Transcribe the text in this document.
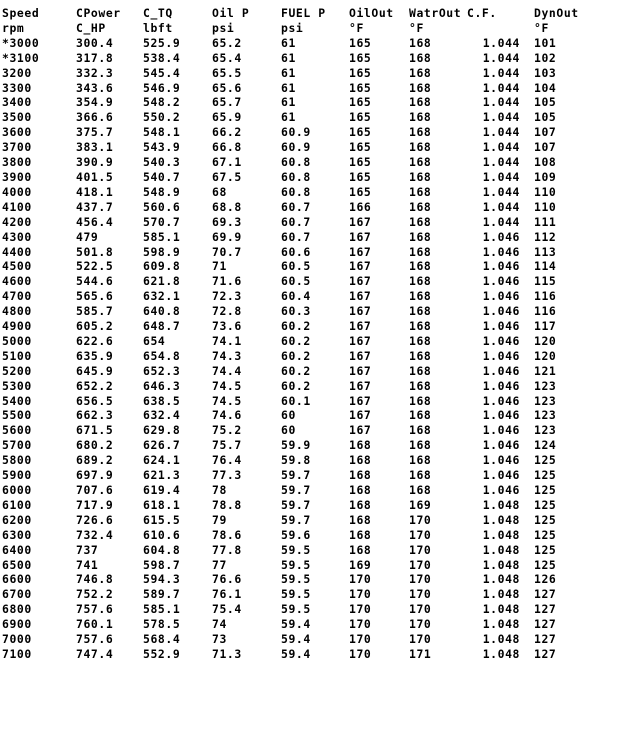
Speed	CPower	C_TQ	Oil P	FUEL P	OilOut	WatrOut	C.F.	DynOut
rpm	C_HP	lbft	psi	psi	°F	°F		°F
*3000	300.4	525.9	65.2	61	165	168	1.044	101
*3100	317.8	538.4	65.4	61	165	168	1.044	102
3200	332.3	545.4	65.5	61	165	168	1.044	103
3300	343.6	546.9	65.6	61	165	168	1.044	104
3400	354.9	548.2	65.7	61	165	168	1.044	105
3500	366.6	550.2	65.9	61	165	168	1.044	105
3600	375.7	548.1	66.2	60.9	165	168	1.044	107
3700	383.1	543.9	66.8	60.9	165	168	1.044	107
3800	390.9	540.3	67.1	60.8	165	168	1.044	108
3900	401.5	540.7	67.5	60.8	165	168	1.044	109
4000	418.1	548.9	68	60.8	165	168	1.044	110
4100	437.7	560.6	68.8	60.7	166	168	1.044	110
4200	456.4	570.7	69.3	60.7	167	168	1.044	111
4300	479	585.1	69.9	60.7	167	168	1.046	112
4400	501.8	598.9	70.7	60.6	167	168	1.046	113
4500	522.5	609.8	71	60.5	167	168	1.046	114
4600	544.6	621.8	71.6	60.5	167	168	1.046	115
4700	565.6	632.1	72.3	60.4	167	168	1.046	116
4800	585.7	640.8	72.8	60.3	167	168	1.046	116
4900	605.2	648.7	73.6	60.2	167	168	1.046	117
5000	622.6	654	74.1	60.2	167	168	1.046	120
5100	635.9	654.8	74.3	60.2	167	168	1.046	120
5200	645.9	652.3	74.4	60.2	167	168	1.046	121
5300	652.2	646.3	74.5	60.2	167	168	1.046	123
5400	656.5	638.5	74.5	60.1	167	168	1.046	123
5500	662.3	632.4	74.6	60	167	168	1.046	123
5600	671.5	629.8	75.2	60	167	168	1.046	123
5700	680.2	626.7	75.7	59.9	168	168	1.046	124
5800	689.2	624.1	76.4	59.8	168	168	1.046	125
5900	697.9	621.3	77.3	59.7	168	168	1.046	125
6000	707.6	619.4	78	59.7	168	168	1.046	125
6100	717.9	618.1	78.8	59.7	168	169	1.048	125
6200	726.6	615.5	79	59.7	168	170	1.048	125
6300	732.4	610.6	78.6	59.6	168	170	1.048	125
6400	737	604.8	77.8	59.5	168	170	1.048	125
6500	741	598.7	77	59.5	169	170	1.048	125
6600	746.8	594.3	76.6	59.5	170	170	1.048	126
6700	752.2	589.7	76.1	59.5	170	170	1.048	127
6800	757.6	585.1	75.4	59.5	170	170	1.048	127
6900	760.1	578.5	74	59.4	170	170	1.048	127
7000	757.6	568.4	73	59.4	170	170	1.048	127
7100	747.4	552.9	71.3	59.4	170	171	1.048	127
